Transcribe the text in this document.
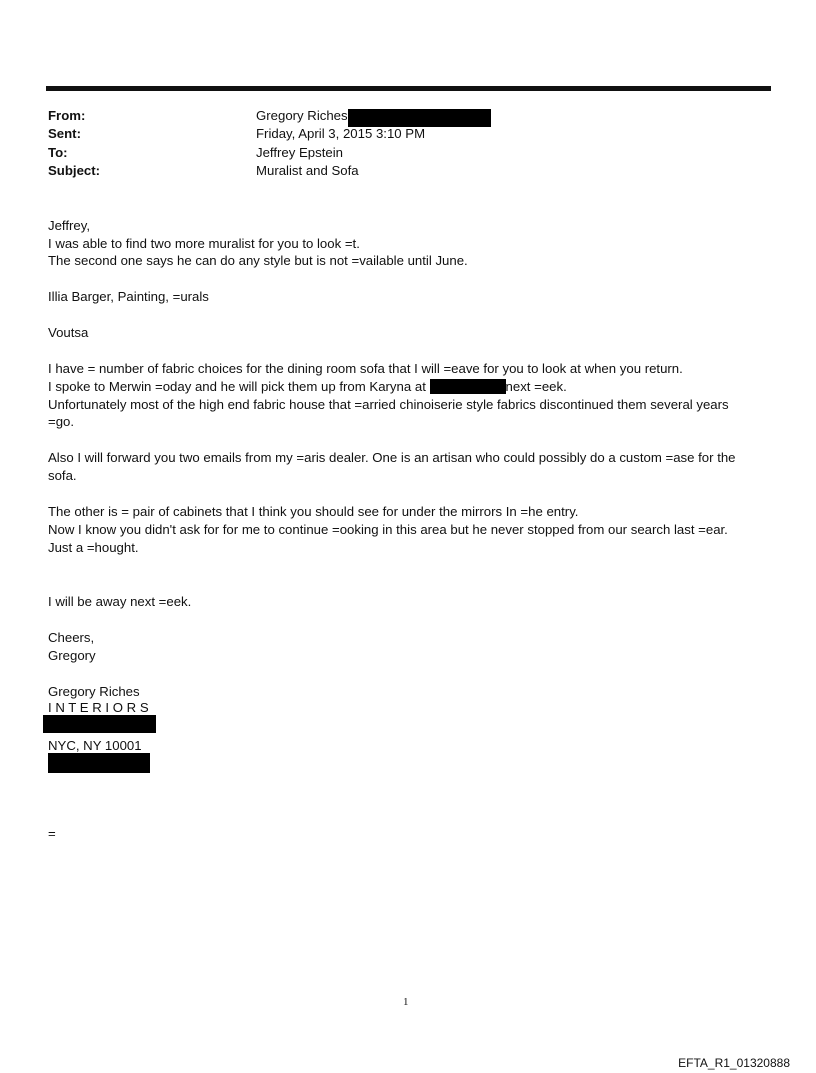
From:	Gregory Riches
Sent:	Friday, April 3, 2015 3:10 PM
To:	Jeffrey Epstein
Subject:	Muralist and Sofa
Jeffrey,
I was able to find two more muralist for you to look =t.
The second one says he can do any style but is not =vailable until June.
Illia Barger, Painting, =urals
Voutsa
I have = number of fabric choices for the dining room sofa that I will =eave for you to look at when you return.
I spoke to Merwin =oday and he will pick them up from Karyna at	next =eek.
Unfortunately most of the high end fabric house that =arried chinoiserie style fabrics discontinued them several years
=go.
Also I will forward you two emails from my =aris dealer. One is an artisan who could possibly do a custom =ase for the
sofa.
The other is = pair of cabinets that I think you should see for under the mirrors In =he entry.
Now I know you didn't ask for for me to continue =ooking in this area but he never stopped from our search last =ear.
Just a =hought.
I will be away next =eek.
Cheers,
Gregory
Gregory Riches
I N T E R I O R S
NYC, NY 10001
=
1
EFTA_R1_01320888
